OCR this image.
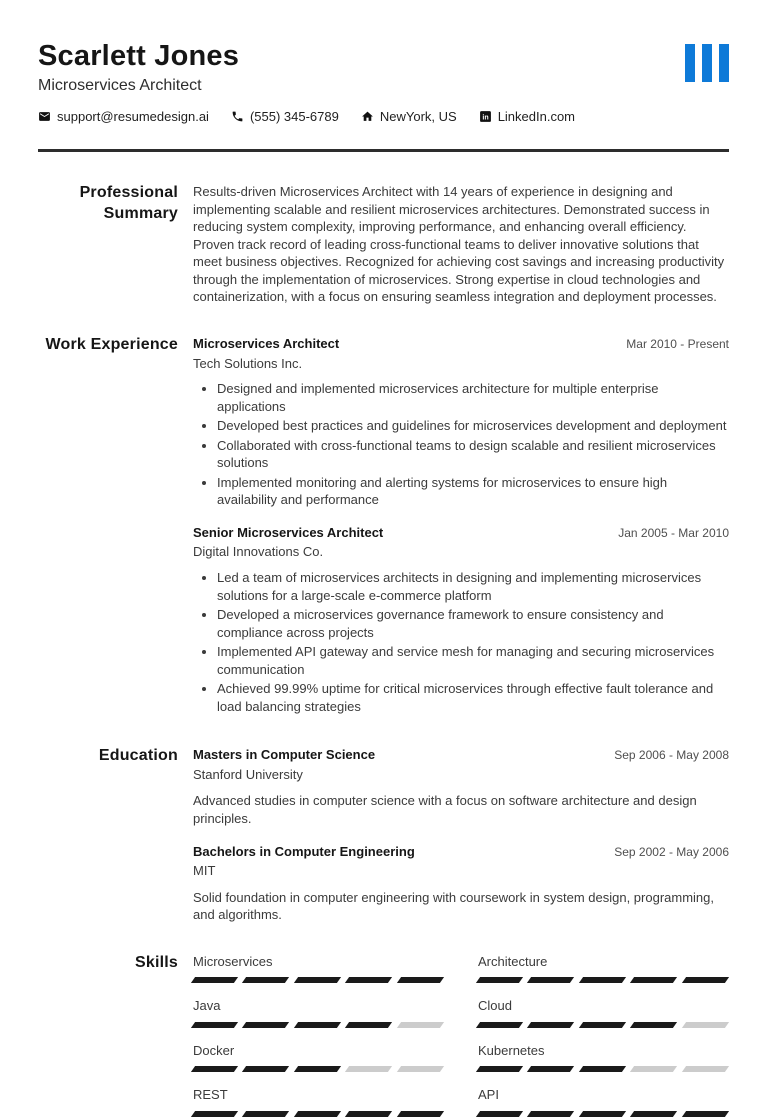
Scarlett Jones
Microservices Architect
support@resumedesign.ai	(555) 345-6789	NewYork, US in LinkedIn.com
Professional Summary

Results-driven Microservices Architect with 14 years of experience in designing and implementing scalable and resilient microservices architectures. Demonstrated success in reducing system complexity, improving performance, and enhancing overall efficiency. Proven track record of leading cross-functional teams to deliver innovative solutions that meet business objectives. Recognized for achieving cost savings and increasing productivity through the implementation of microservices. Strong expertise in cloud technologies and containerization, with a focus on ensuring seamless integration and deployment processes.

Work Experience Microservices Architect	Mar 2010 - Present
Tech Solutions Inc.
• Designed and implemented microservices architecture for multiple enterprise applications
• Developed best practices and guidelines for microservices development and deployment
• Collaborated with cross-functional teams to design scalable and resilient microservices solutions
• Implemented monitoring and alerting systems for microservices to ensure high availability and performance
Senior Microservices Architect	Jan 2005 - Mar 2010
Digital Innovations Co.
• Led a team of microservices architects in designing and implementing microservices solutions for a large-scale e-commerce platform
• Developed a microservices governance framework to ensure consistency and compliance across projects
• Implemented API gateway and service mesh for managing and securing microservices communication
• Achieved 99.99% uptime for critical microservices through effective fault tolerance and load balancing strategies
Education Masters in Computer Science	Sep 2006 - May 2008
Stanford University

Advanced studies in computer science with a focus on software architecture and design principles.

Bachelors in Computer Engineering	Sep 2002 - May 2006
MIT

Solid foundation in computer engineering with coursework in system design, programming, and algorithms.

Skills Microservices	Architecture
Java	Cloud
Docker	Kubernetes
REST	API
